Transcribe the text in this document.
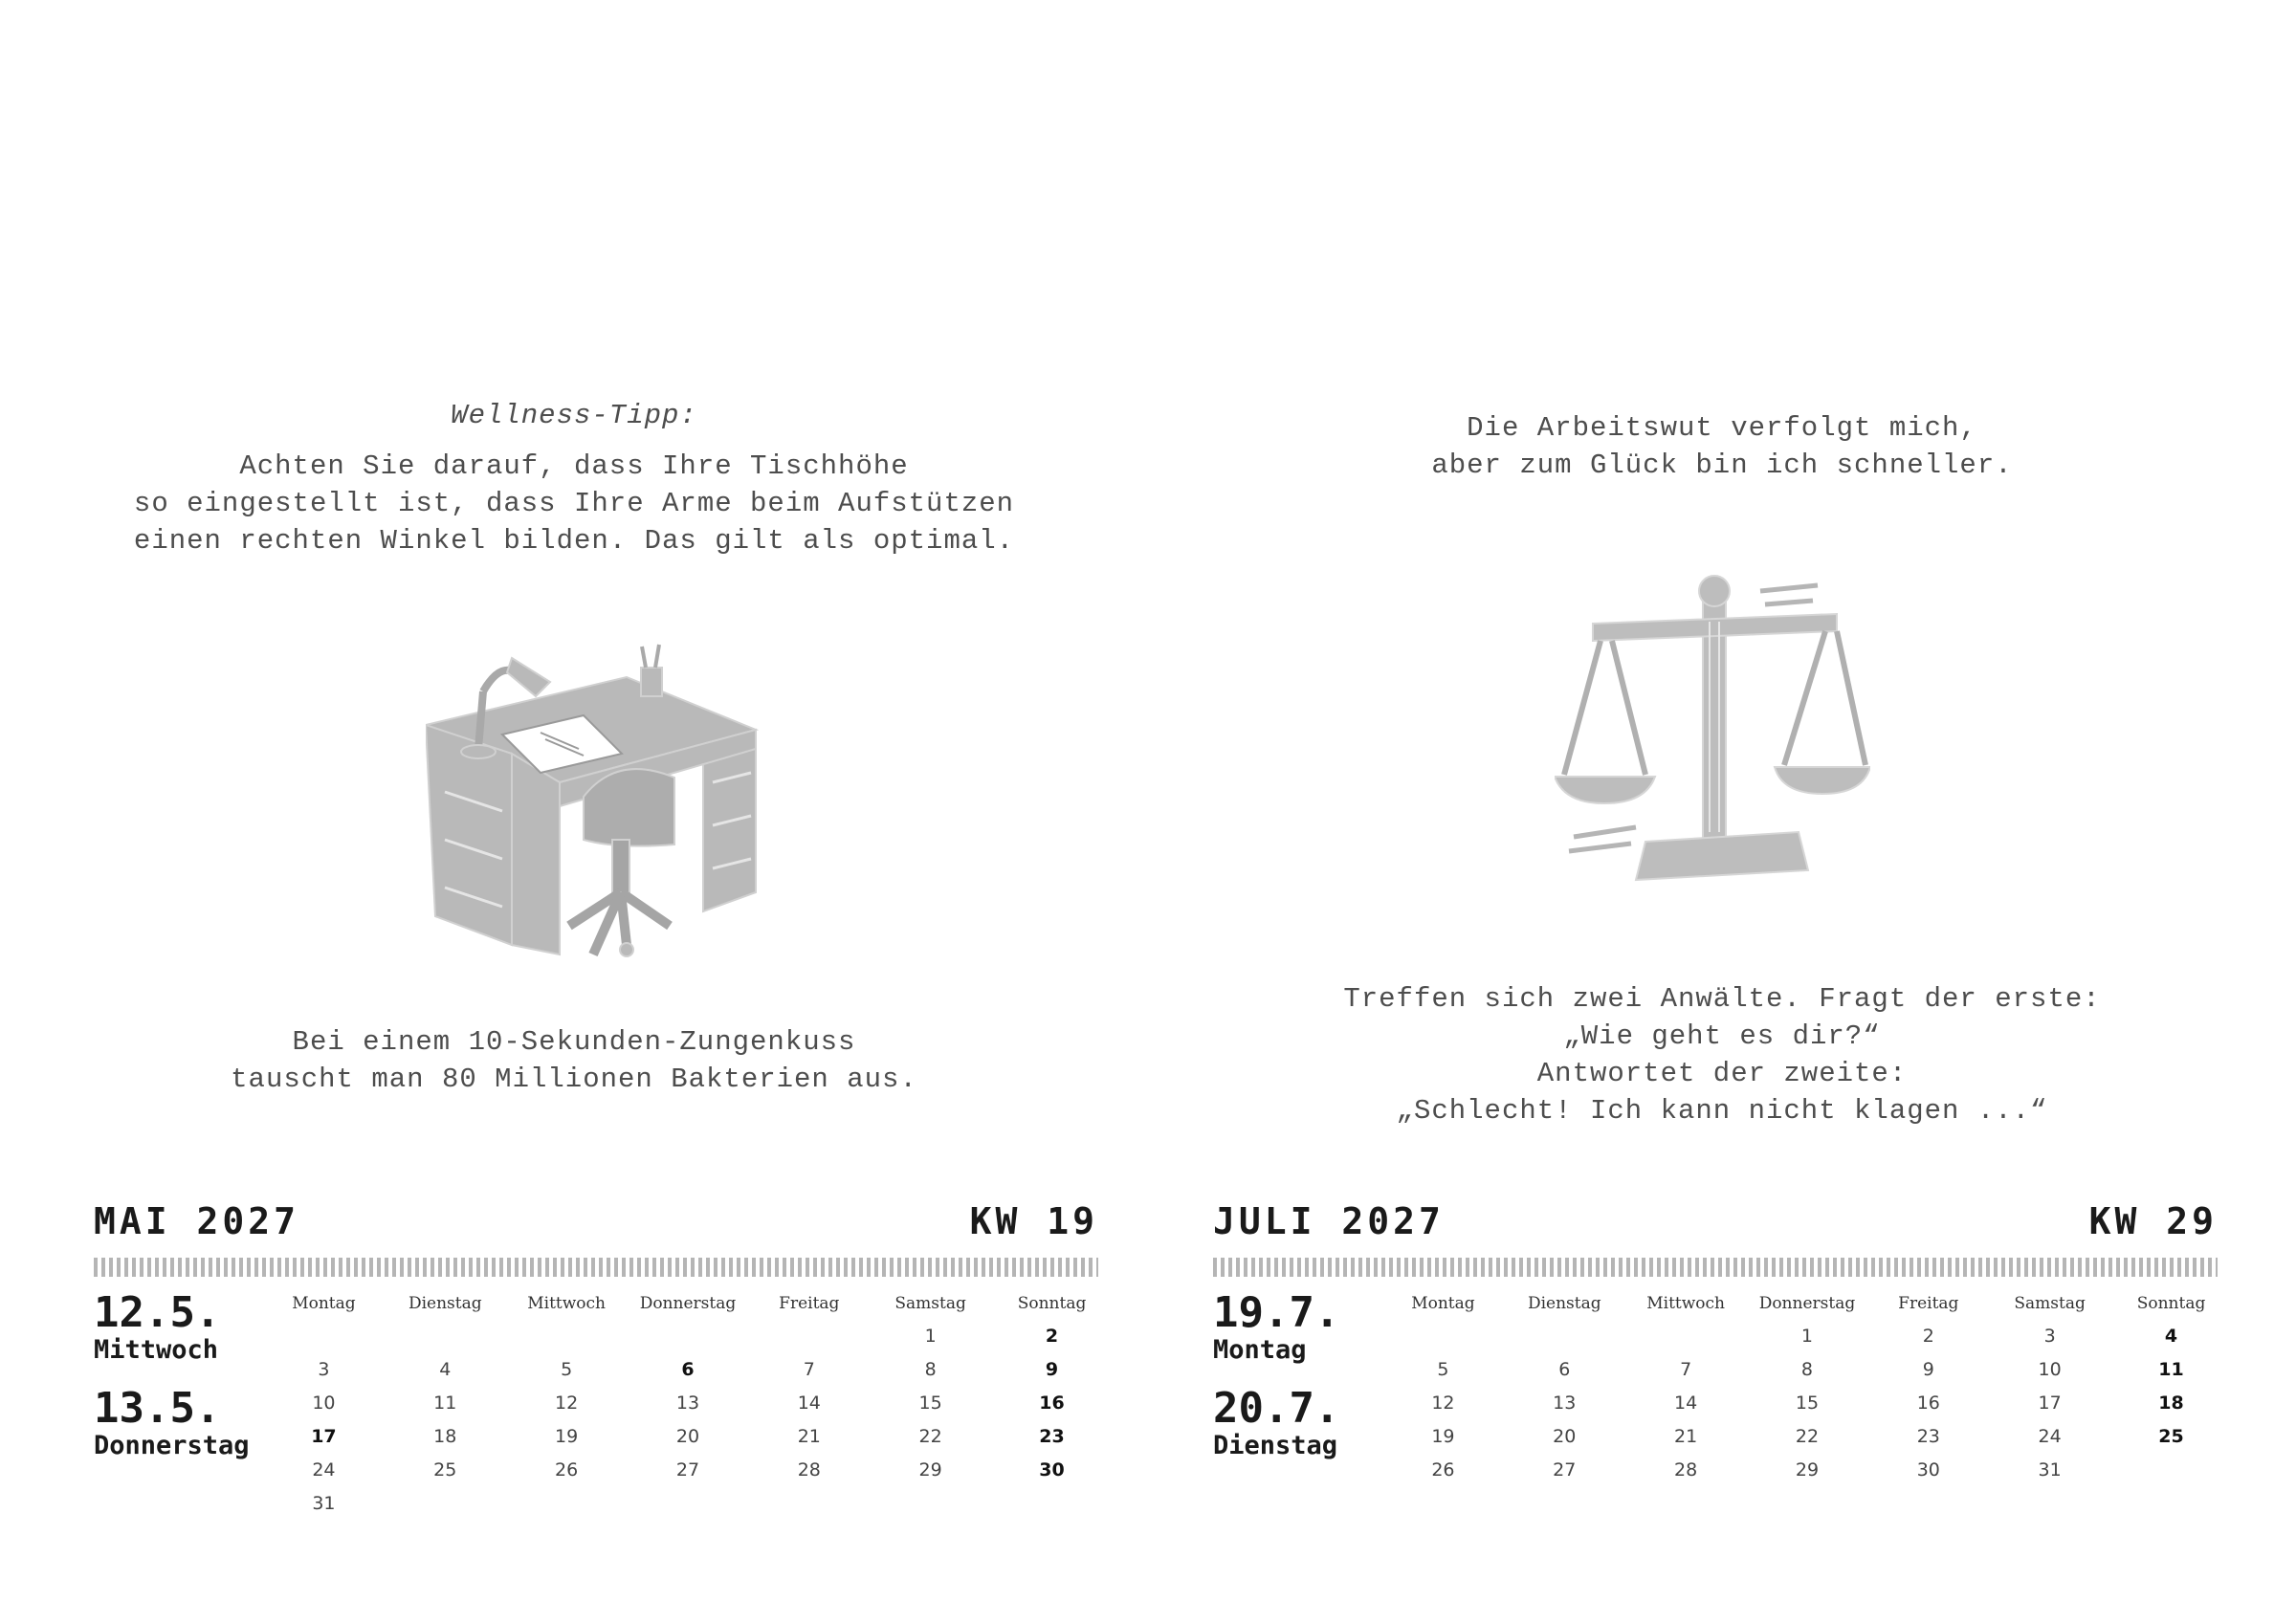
Wellness-Tipp:
Achten Sie darauf, dass Ihre Tischhöhe
so eingestellt ist, dass Ihre Arme beim Aufstützen
einen rechten Winkel bilden. Das gilt als optimal.
Bei einem 10-Sekunden-Zungenkuss
tauscht man 80 Millionen Bakterien aus.
MAI 2027	KW 19
12.5.
Mittwoch
13.5.
Donnerstag
Montag	Dienstag	Mittwoch	Donnerstag	Freitag	Samstag	Sonntag
					1	2
3	4	5	6	7	8	9
10	11	12	13	14	15	16
17	18	19	20	21	22	23
24	25	26	27	28	29	30
31						
Die Arbeitswut verfolgt mich,
aber zum Glück bin ich schneller.
Treffen sich zwei Anwälte. Fragt der erste:
„Wie geht es dir?“
Antwortet der zweite:
„Schlecht! Ich kann nicht klagen ...“
JULI 2027	KW 29
19.7.
Montag
20.7.
Dienstag
Montag	Dienstag	Mittwoch	Donnerstag	Freitag	Samstag	Sonntag
			1	2	3	4
5	6	7	8	9	10	11
12	13	14	15	16	17	18
19	20	21	22	23	24	25
26	27	28	29	30	31	
